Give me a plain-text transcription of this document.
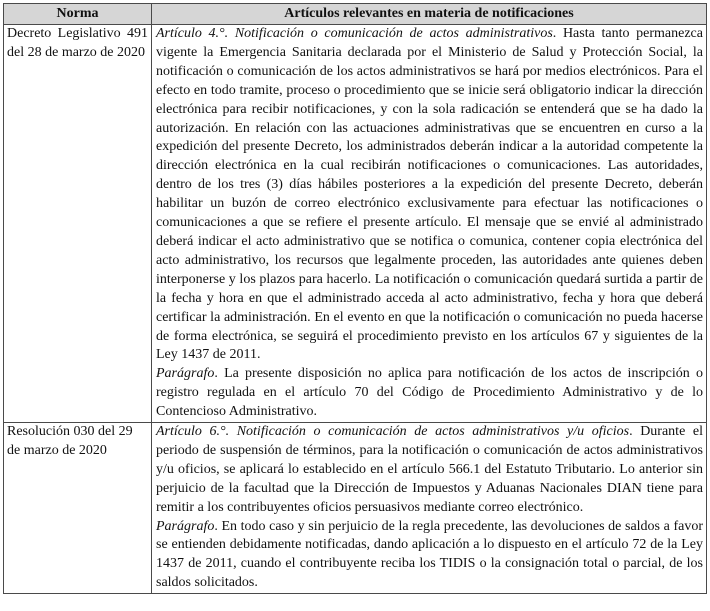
Norma	Artículos relevantes en materia de notificaciones
Decreto Legislativo 491 del 28 de marzo de 2020	Artículo 4.°. Notificación o comunicación de actos administrativos. Hasta tanto permanezca vigente la Emergencia Sanitaria declarada por el Ministerio de Salud y Protección Social, la notificación o comunicación de los actos administrativos se hará por medios electrónicos. Para el efecto en todo tramite, proceso o procedimiento que se inicie será obligatorio indicar la dirección electrónica para recibir notificaciones, y con la sola radicación se entenderá que se ha dado la autorización. En relación con las actuaciones administrativas que se encuentren en curso a la expedición del presente Decreto, los administrados deberán indicar a la autoridad competente la dirección electrónica en la cual recibirán notificaciones o comunicaciones. Las autoridades, dentro de los tres (3) días hábiles posteriores a la expedición del presente Decreto, deberán habilitar un buzón de correo electrónico exclusivamente para efectuar las notificaciones o comunicaciones a que se refiere el presente artículo. El mensaje que se envié al administrado deberá indicar el acto administrativo que se notifica o comunica, contener copia electrónica del acto administrativo, los recursos que legalmente proceden, las autoridades ante quienes deben interponerse y los plazos para hacerlo. La notificación o comunicación quedará surtida a partir de la fecha y hora en que el administrado acceda al acto administrativo, fecha y hora que deberá certificar la administración. En el evento en que la notificación o comunicación no pueda hacerse de forma electrónica, se seguirá el procedimiento previsto en los artículos 67 y siguientes de la Ley 1437 de 2011.
Parágrafo. La presente disposición no aplica para notificación de los actos de inscripción o registro regulada en el artículo 70 del Código de Procedimiento Administrativo y de lo Contencioso Administrativo.

Resolución 030 del 29 de marzo de 2020	Artículo 6.°. Notificación o comunicación de actos administrativos y/u oficios. Durante el periodo de suspensión de términos, para la notificación o comunicación de actos administrativos y/u oficios, se aplicará lo establecido en el artículo 566.1 del Estatuto Tributario. Lo anterior sin perjuicio de la facultad que la Dirección de Impuestos y Aduanas Nacionales DIAN tiene para remitir a los contribuyentes oficios persuasivos mediante correo electrónico.
Parágrafo. En todo caso y sin perjuicio de la regla precedente, las devoluciones de saldos a favor se entienden debidamente notificadas, dando aplicación a lo dispuesto en el artículo 72 de la Ley 1437 de 2011, cuando el contribuyente reciba los TIDIS o la consignación total o parcial, de los saldos solicitados.
